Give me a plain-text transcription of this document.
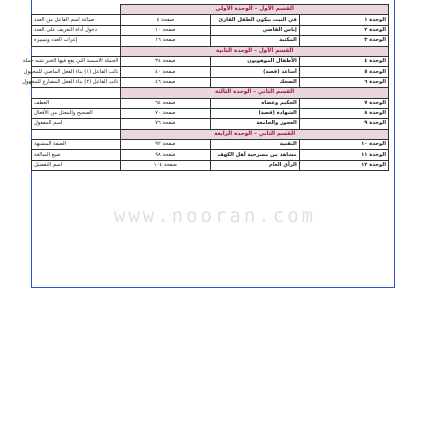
القسم الأول – الوحدة الأولى			
الوحدة ١	في البيت يتكون الطفل القارئ	صفحة ٤	صياغة اسم الفاعل من العدد
الوحدة ٢	إياس القاضي	صفحة ١٠	دخول أداة التعريف على العدد
الوحدة ٣	المكتبة	صفحة ١٦	إعراب العدد وتمييزه
القسم الأول – الوحدة الثانية			
الوحدة ٤	الأطفال الموهوبون	صفحة ٣٤	الجملة الاسمية التي يقع فيها الخبر شبه جملة
الوحدة ٥	أساعد (قصة)	صفحة ٤٠	نائب الفاعل (١) بناء الفعل الماضي للمجهول
الوحدة ٦	الضحك	صفحة ٤٦	نائب الفاعل (٢) بناء الفعل المضارع للمجهول
القسم الثاني – الوحدة الثالثة			
الوحدة ٧	الحكيم وعصاه	صفحة ٦٤	العطف
الوحدة ٨	الشهادة (قصة)	صفحة ٧٠	الصحيح والمعتل من الأفعال
الوحدة ٩	العجوز والجامعة	صفحة ٧٦	اسم المفعول
القسم الثاني – الوحدة الرابعة			
الوحدة ١٠	التقنية	صفحة ٩٢	الصفة المشبهة
الوحدة ١١	مشاهد من مسرحية أهل الكهف	صفحة ٩٨	صيغ المبالغة
الوحدة ١٢	الرأي العام	صفحة ١٠٤	اسم التفضيل
www.nooran.com
